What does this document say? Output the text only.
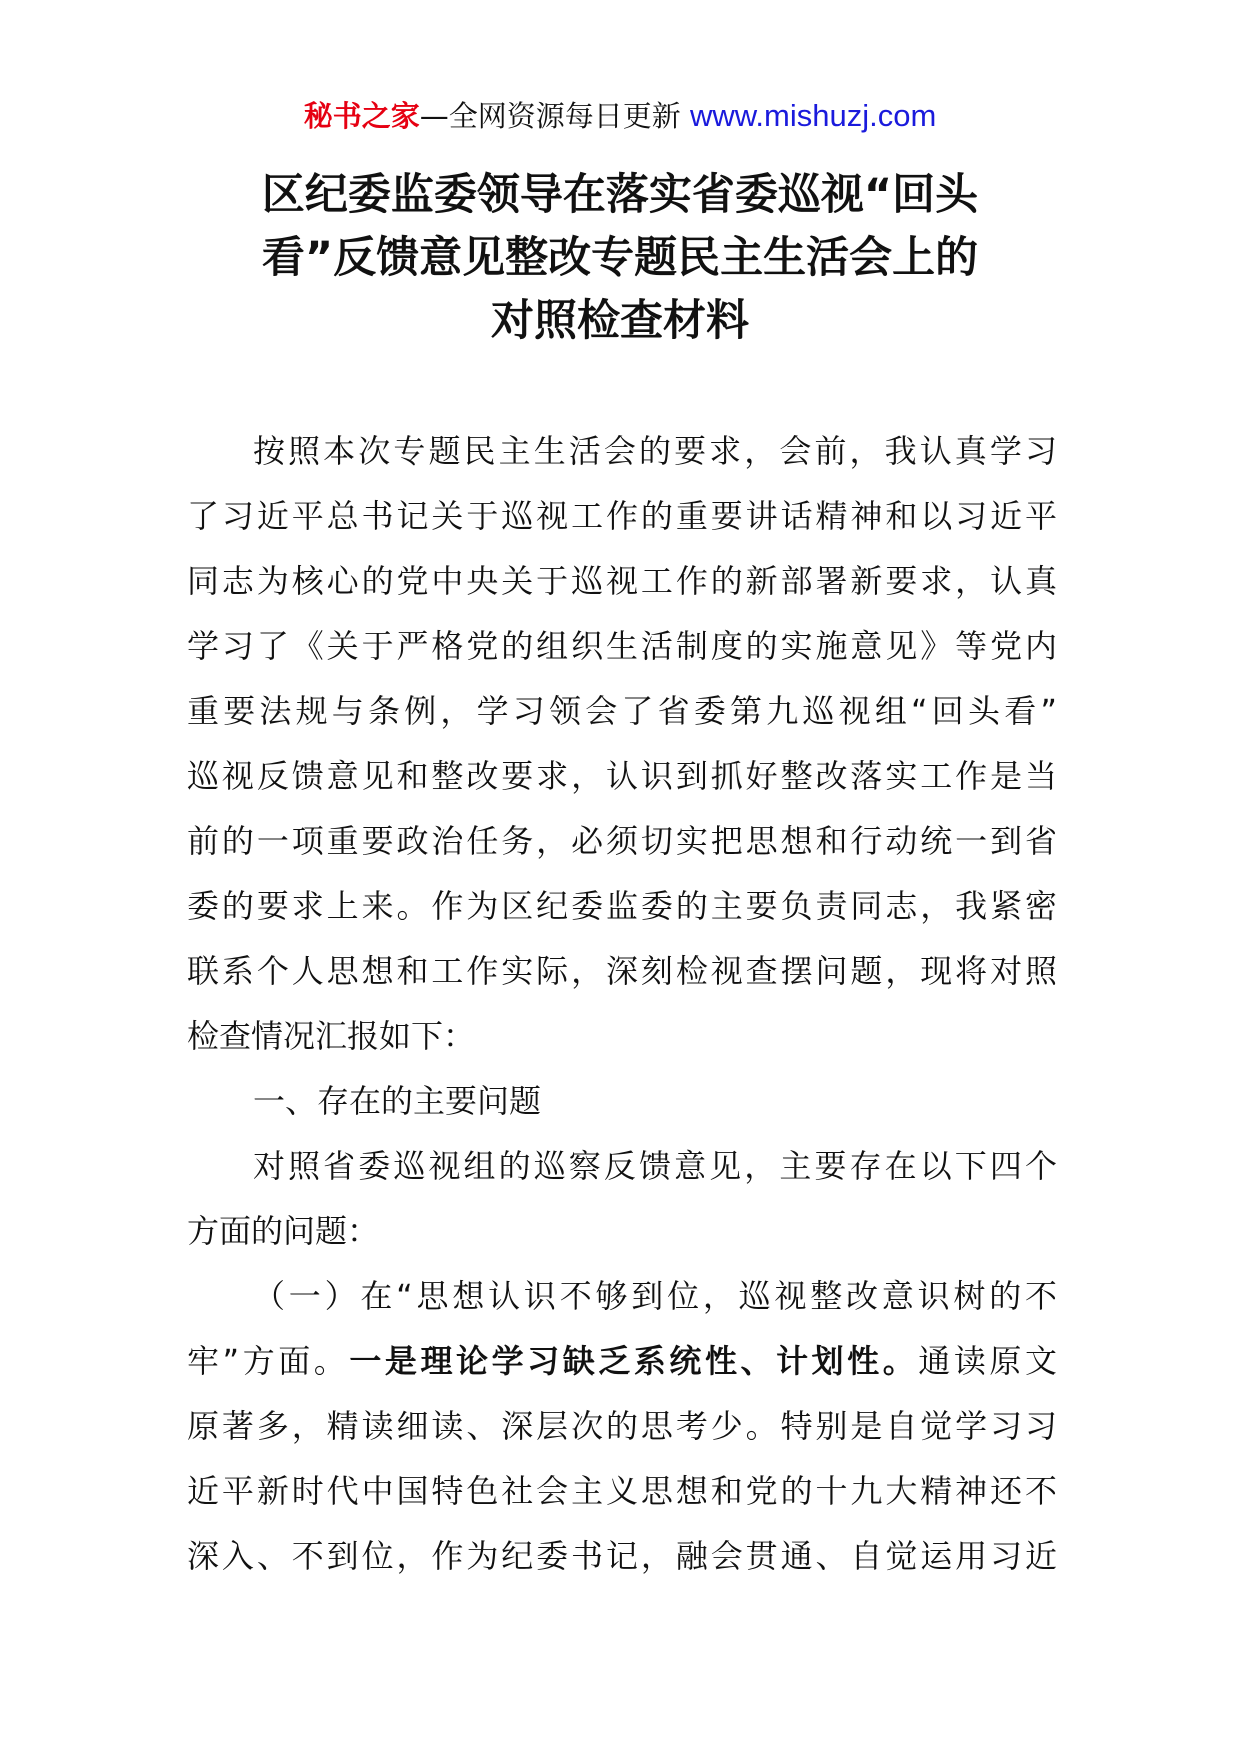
秘书之家—全网资源每日更新 www.mishuzj.com
区纪委监委领导在落实省委巡视“回头
看”反馈意见整改专题民主生活会上的
对照检查材料
按照本次专题民主生活会的要求，会前，我认真学习
了习近平总书记关于巡视工作的重要讲话精神和以习近平
同志为核心的党中央关于巡视工作的新部署新要求，认真
学习了《关于严格党的组织生活制度的实施意见》等党内
重要法规与条例，学习领会了省委第九巡视组“回头看”
巡视反馈意见和整改要求，认识到抓好整改落实工作是当
前的一项重要政治任务，必须切实把思想和行动统一到省
委的要求上来。作为区纪委监委的主要负责同志，我紧密
联系个人思想和工作实际，深刻检视查摆问题，现将对照
检查情况汇报如下：
一、存在的主要问题
对照省委巡视组的巡察反馈意见，主要存在以下四个
方面的问题：
（一）在“思想认识不够到位，巡视整改意识树的不
牢”方面。一是理论学习缺乏系统性、计划性。通读原文
原著多，精读细读、深层次的思考少。特别是自觉学习习
近平新时代中国特色社会主义思想和党的十九大精神还不
深入、不到位，作为纪委书记，融会贯通、自觉运用习近
